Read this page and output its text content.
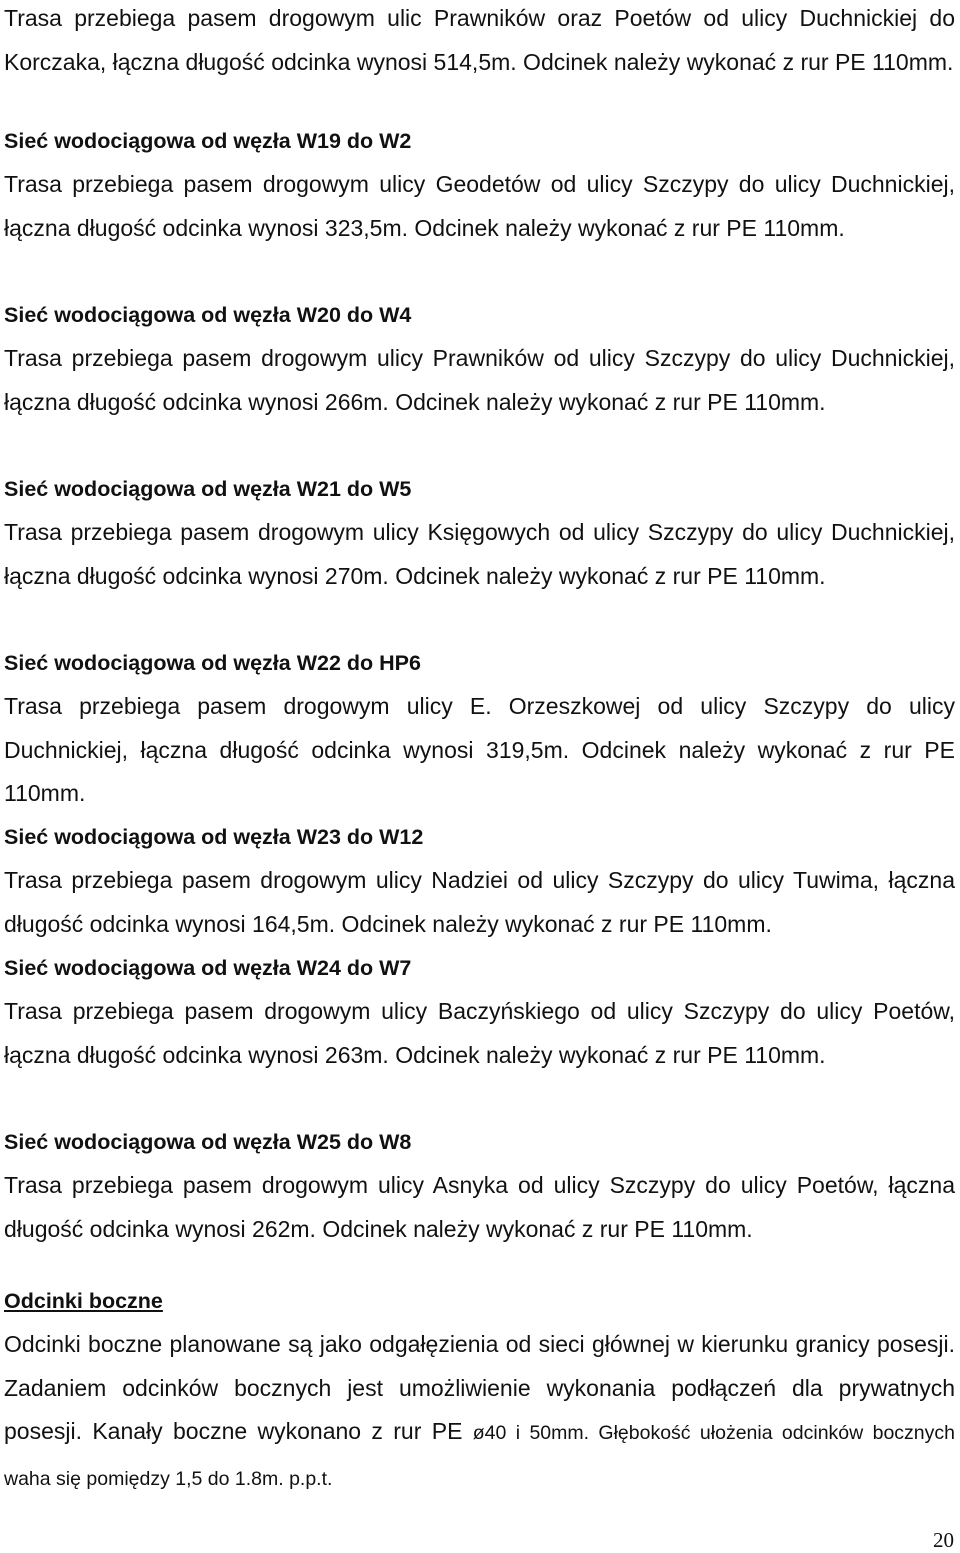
Trasa przebiega pasem drogowym ulic Prawników oraz Poetów od ulicy Duchnickiej do Korczaka, łączna długość odcinka wynosi 514,5m. Odcinek należy wykonać z rur PE 110mm.

Sieć wodociągowa od węzła W19 do W2

Trasa przebiega pasem drogowym ulicy Geodetów od ulicy Szczypy do ulicy Duchnickiej, łączna długość odcinka wynosi 323,5m. Odcinek należy wykonać z rur PE 110mm.

Sieć wodociągowa od węzła W20 do W4

Trasa przebiega pasem drogowym ulicy Prawników od ulicy Szczypy do ulicy Duchnickiej, łączna długość odcinka wynosi 266m. Odcinek należy wykonać z rur PE 110mm.

Sieć wodociągowa od węzła W21 do W5

Trasa przebiega pasem drogowym ulicy Księgowych od ulicy Szczypy do ulicy Duchnickiej, łączna długość odcinka wynosi 270m. Odcinek należy wykonać z rur PE 110mm.

Sieć wodociągowa od węzła W22 do HP6

Trasa przebiega pasem drogowym ulicy E. Orzeszkowej od ulicy Szczypy do ulicy Duchnickiej, łączna długość odcinka wynosi 319,5m. Odcinek należy wykonać z rur PE 110mm.

Sieć wodociągowa od węzła W23 do W12

Trasa przebiega pasem drogowym ulicy Nadziei od ulicy Szczypy do ulicy Tuwima, łączna długość odcinka wynosi 164,5m. Odcinek należy wykonać z rur PE 110mm.

Sieć wodociągowa od węzła W24 do W7

Trasa przebiega pasem drogowym ulicy Baczyńskiego od ulicy Szczypy do ulicy Poetów, łączna długość odcinka wynosi 263m. Odcinek należy wykonać z rur PE 110mm.

Sieć wodociągowa od węzła W25 do W8

Trasa przebiega pasem drogowym ulicy Asnyka od ulicy Szczypy do ulicy Poetów, łączna długość odcinka wynosi 262m. Odcinek należy wykonać z rur PE 110mm.

Odcinki boczne

Odcinki boczne planowane są jako odgałęzienia od sieci głównej w kierunku granicy posesji. Zadaniem odcinków bocznych jest umożliwienie wykonania podłączeń dla prywatnych posesji. Kanały boczne wykonano z rur PE ø40 i 50mm. Głębokość ułożenia odcinków bocznych waha się pomiędzy 1,5 do 1.8m. p.p.t.

20
